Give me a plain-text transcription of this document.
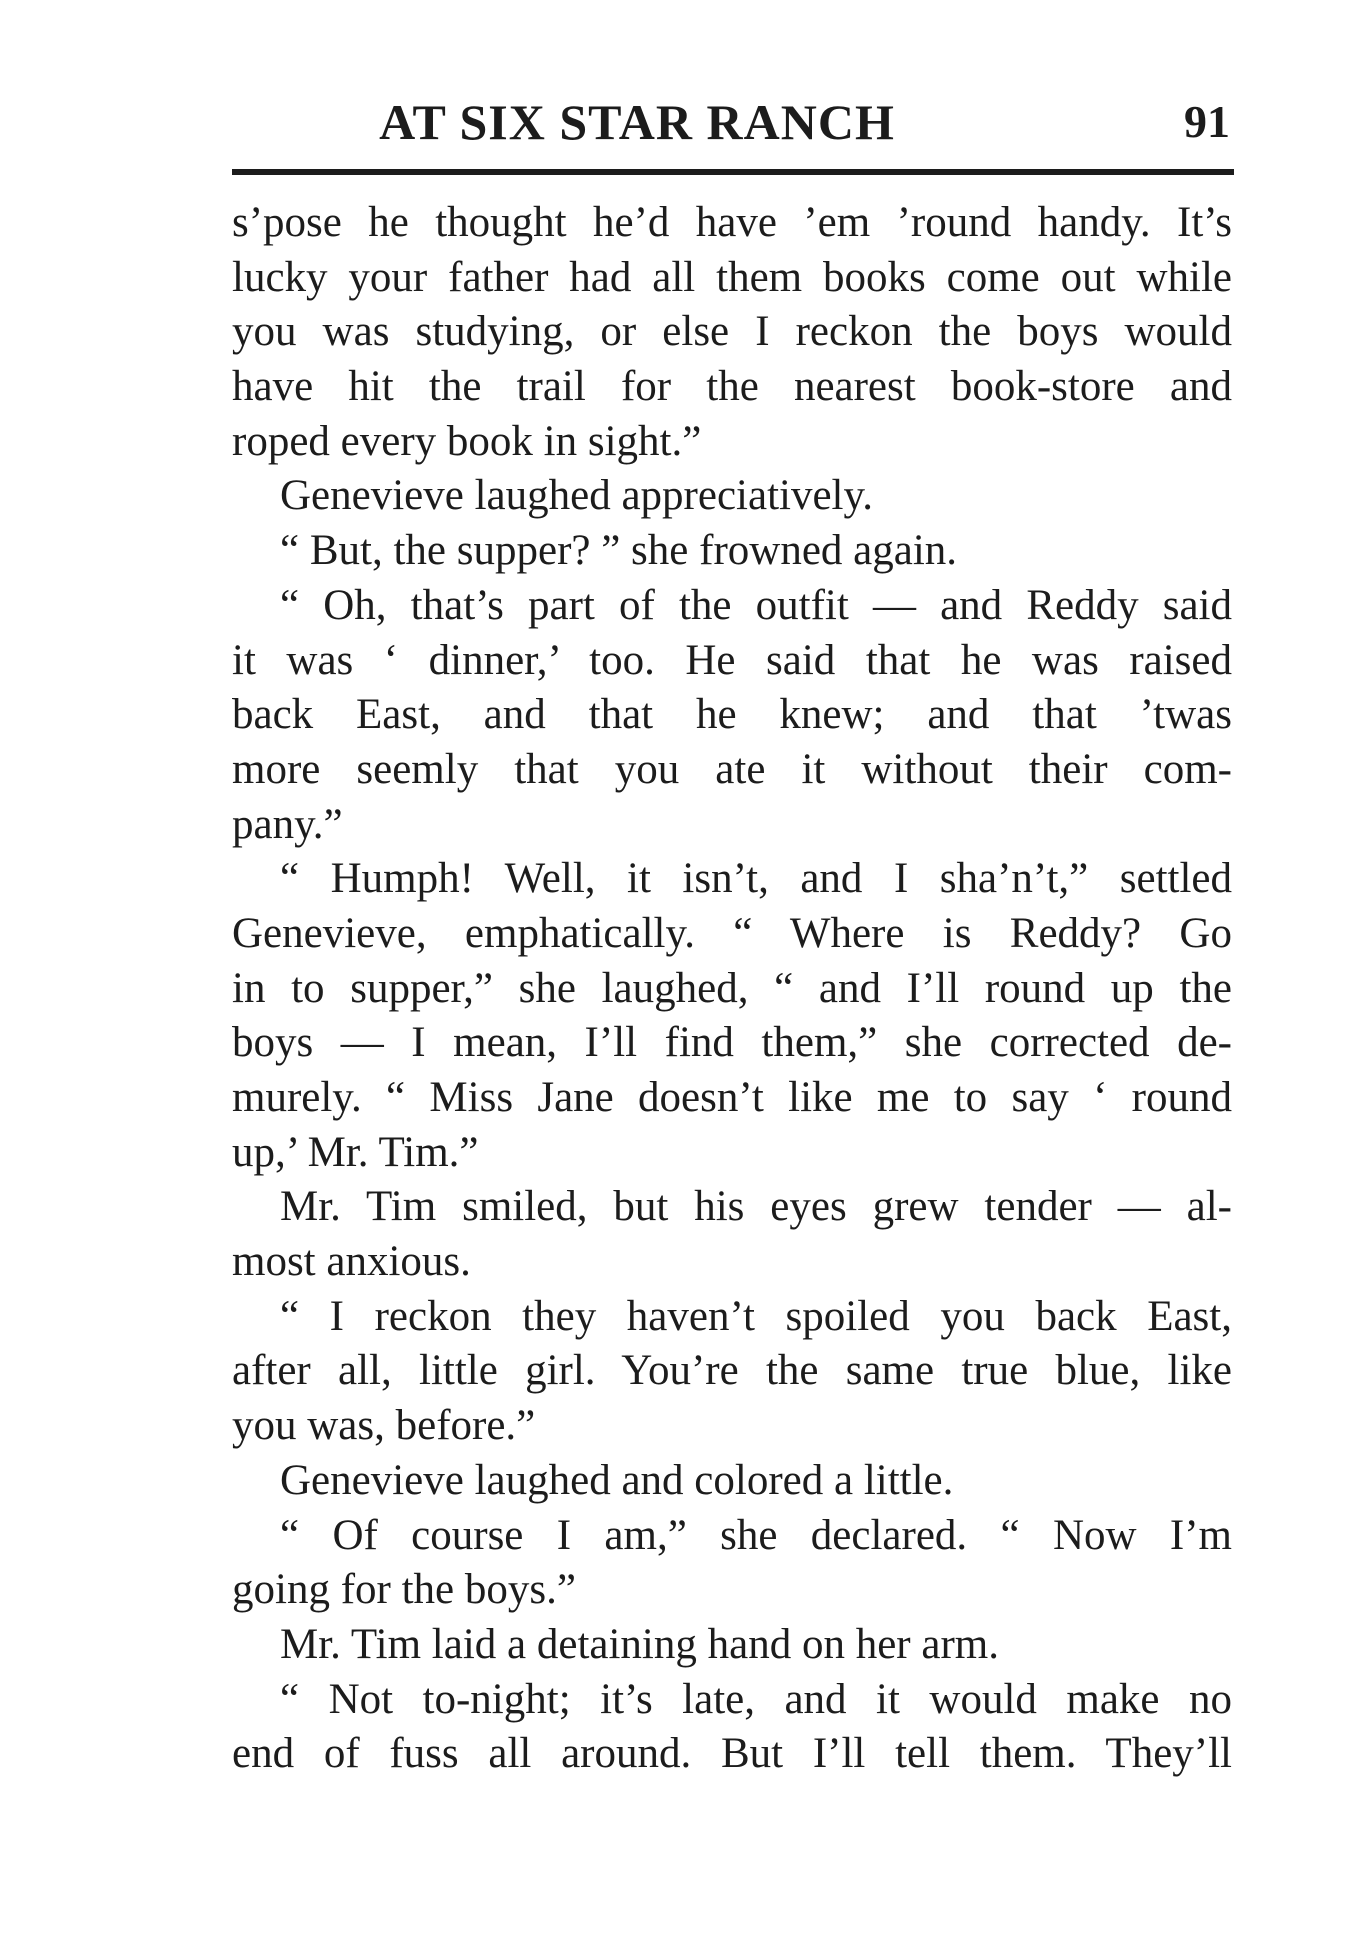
AT SIX STAR RANCH	91
s’pose he thought he’d have ’em ’round handy. It’s
lucky your father had all them books come out while
you was studying, or else I reckon the boys would
have hit the trail for the nearest book-store and
roped every book in sight.”
Genevieve laughed appreciatively.
“ But, the supper? ” she frowned again.
“ Oh, that’s part of the outfit — and Reddy said
it was ‘ dinner,’ too. He said that he was raised
back East, and that he knew; and that ’twas
more seemly that you ate it without their com-
pany.”
“ Humph! Well, it isn’t, and I sha’n’t,” settled
Genevieve, emphatically. “ Where is Reddy? Go
in to supper,” she laughed, “ and I’ll round up the
boys — I mean, I’ll find them,” she corrected de-
murely. “ Miss Jane doesn’t like me to say ‘ round
up,’ Mr. Tim.”
Mr. Tim smiled, but his eyes grew tender — al-
most anxious.
“ I reckon they haven’t spoiled you back East,
after all, little girl. You’re the same true blue, like
you was, before.”
Genevieve laughed and colored a little.
“ Of course I am,” she declared. “ Now I’m
going for the boys.”
Mr. Tim laid a detaining hand on her arm.
“ Not to-night; it’s late, and it would make no
end of fuss all around. But I’ll tell them. They’ll
